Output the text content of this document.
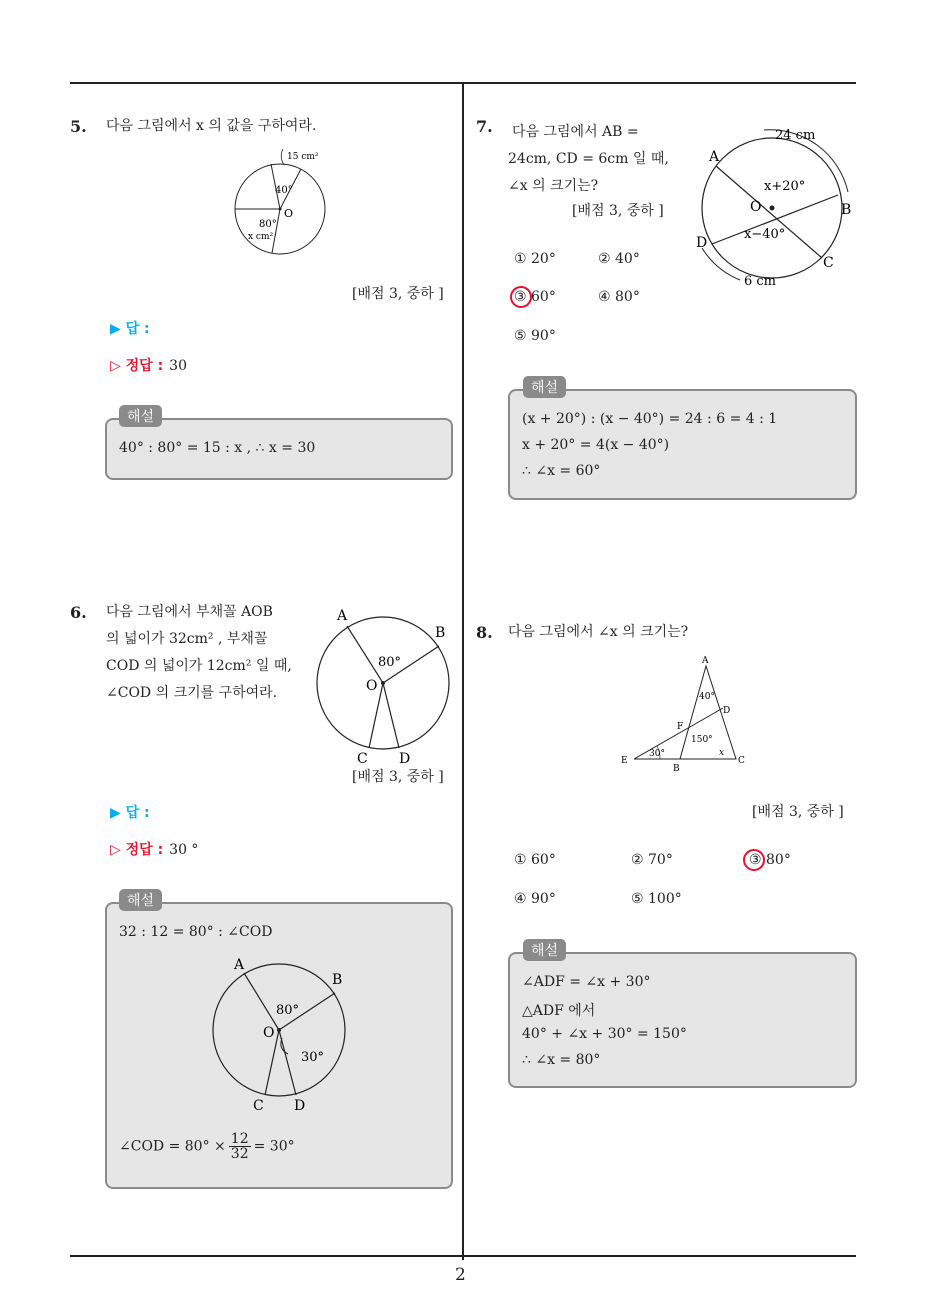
2
5. 다음 그림에서 x 의 값을 구하여라.
15 cm²
40°
O
80°
x cm²
[배점 3, 중하 ]
▶ 답 :
▷ 정답 : 30
40° : 80° = 15 : x , ∴ x = 30
해설
6. 다음 그림에서 부채꼴 AOB
의 넓이가 32cm² , 부채꼴
COD 의 넓이가 12cm² 일 때,
∠COD 의 크기를 구하여라.
A
B
80°
O
C D
[배점 3, 중하 ]
▶ 답 :
▷ 정답 : 30 °
32 : 12 = 80° : ∠COD
A
B
80°
O
30°
C D
∠COD = $80^\circ \times \frac{12}{32} = 30^\circ$
해설
7. 다음 그림에서 AB =
24cm, CD = 6cm 일 때,
∠x 의 크기는?
[배점 3, 중하 ]
24 cm
A
x+20°
O	B
x−40°
D
C
6 cm
① 20°	② 40°
③ 60°	④ 80°
⑤ 90°
(x + 20°) : (x − 40°) = 24 : 6 = 4 : 1
x + 20° = 4(x − 40°)
∴ ∠x = 60°
해설
8. 다음 그림에서 ∠x 의 크기는?
A
40°
D
F
150°
30°	x
E
B
C
[배점 3, 중하 ]
① 60°	② 70°	③ 80°
④ 90°	⑤ 100°
∠ADF = ∠x + 30°
△ADF 에서
40° + ∠x + 30° = 150°
∴ ∠x = 80°
해설
